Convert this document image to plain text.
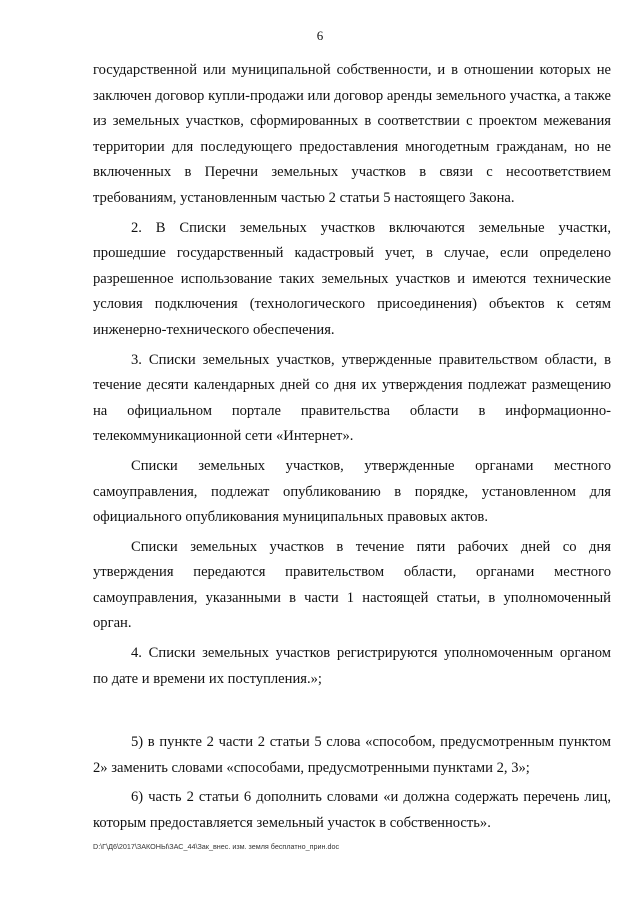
6

государственной или муниципальной собственности, и в отношении которых не заключен договор купли-продажи или договор аренды земельного участка, а также из земельных участков, сформированных в соответствии с проектом межевания территории для последующего предоставления многодетным гражданам, но не включенных в Перечни земельных участков в связи с несоответствием требованиям, установленным частью 2 статьи 5 настоящего Закона.

2. В Списки земельных участков включаются земельные участки, прошедшие государственный кадастровый учет, в случае, если определено разрешенное использование таких земельных участков и имеются технические условия подключения (технологического присоединения) объектов к сетям инженерно-технического обеспечения.

3. Списки земельных участков, утвержденные правительством области, в течение десяти календарных дней со дня их утверждения подлежат размещению на официальном портале правительства области в информационно-телекоммуникационной сети «Интернет».

Списки земельных участков, утвержденные органами местного самоуправления, подлежат опубликованию в порядке, установленном для официального опубликования муниципальных правовых актов.

Списки земельных участков в течение пяти рабочих дней со дня утверждения передаются правительством области, органами местного самоуправления, указанными в части 1 настоящей статьи, в уполномоченный орган.

4. Списки земельных участков регистрируются уполномоченным органом по дате и времени их поступления.»;

5) в пункте 2 части 2 статьи 5 слова «способом, предусмотренным пунктом 2» заменить словами «способами, предусмотренными пунктами 2, 3»;

6) часть 2 статьи 6 дополнить словами «и должна содержать перечень лиц, которым предоставляется земельный участок в собственность».

D:\Г\Д6\2017\ЗАКОНЫ\ЗАС_44\Зак_внес. изм. земля бесплатно_прин.doc
